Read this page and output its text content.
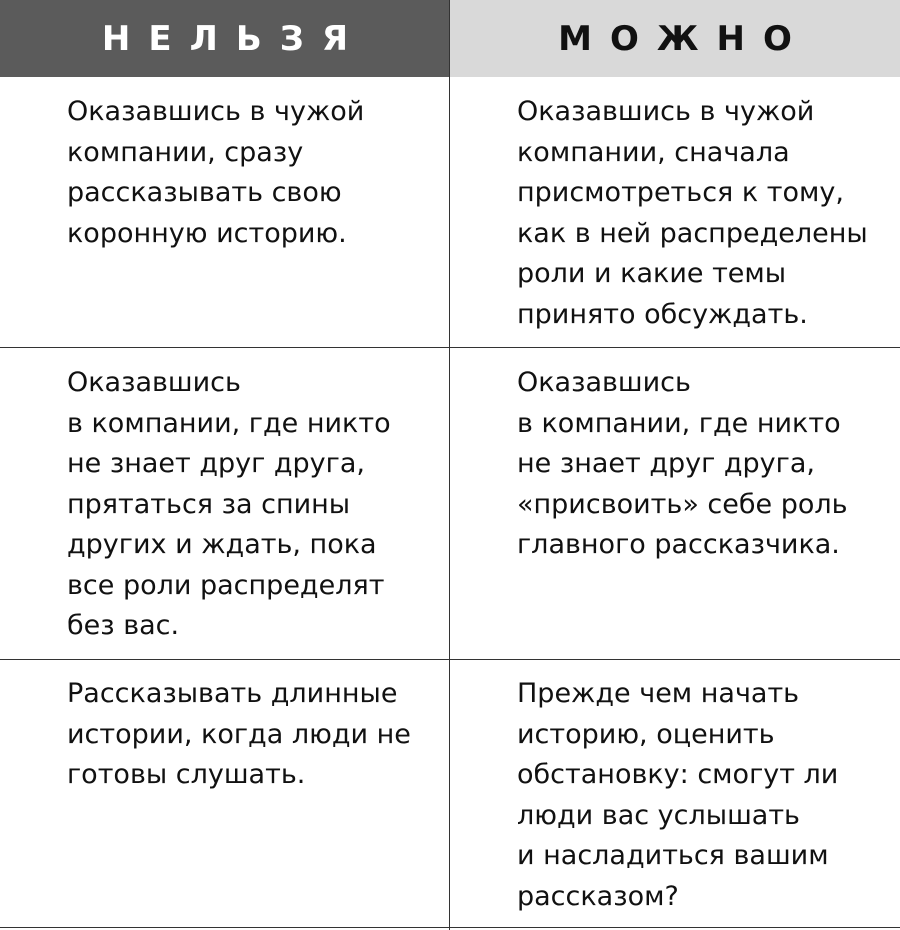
НЕЛЬЗЯ	МОЖНО
Оказавшись в чужой
компании, сразу
рассказывать свою
коронную историю.
Оказавшись в чужой
компании, сначала
присмотреться к тому,
как в ней распределены
роли и какие темы
принято обсуждать.
Оказавшись
в компании, где никто
не знает друг друга,
прятаться за спины
других и ждать, пока
все роли распределят
без вас.
Оказавшись
в компании, где никто
не знает друг друга,
«присвоить» себе роль
главного рассказчика.
Рассказывать длинные
истории, когда люди не
готовы слушать.
Прежде чем начать
историю, оценить
обстановку: смогут ли
люди вас услышать
и насладиться вашим
рассказом?
